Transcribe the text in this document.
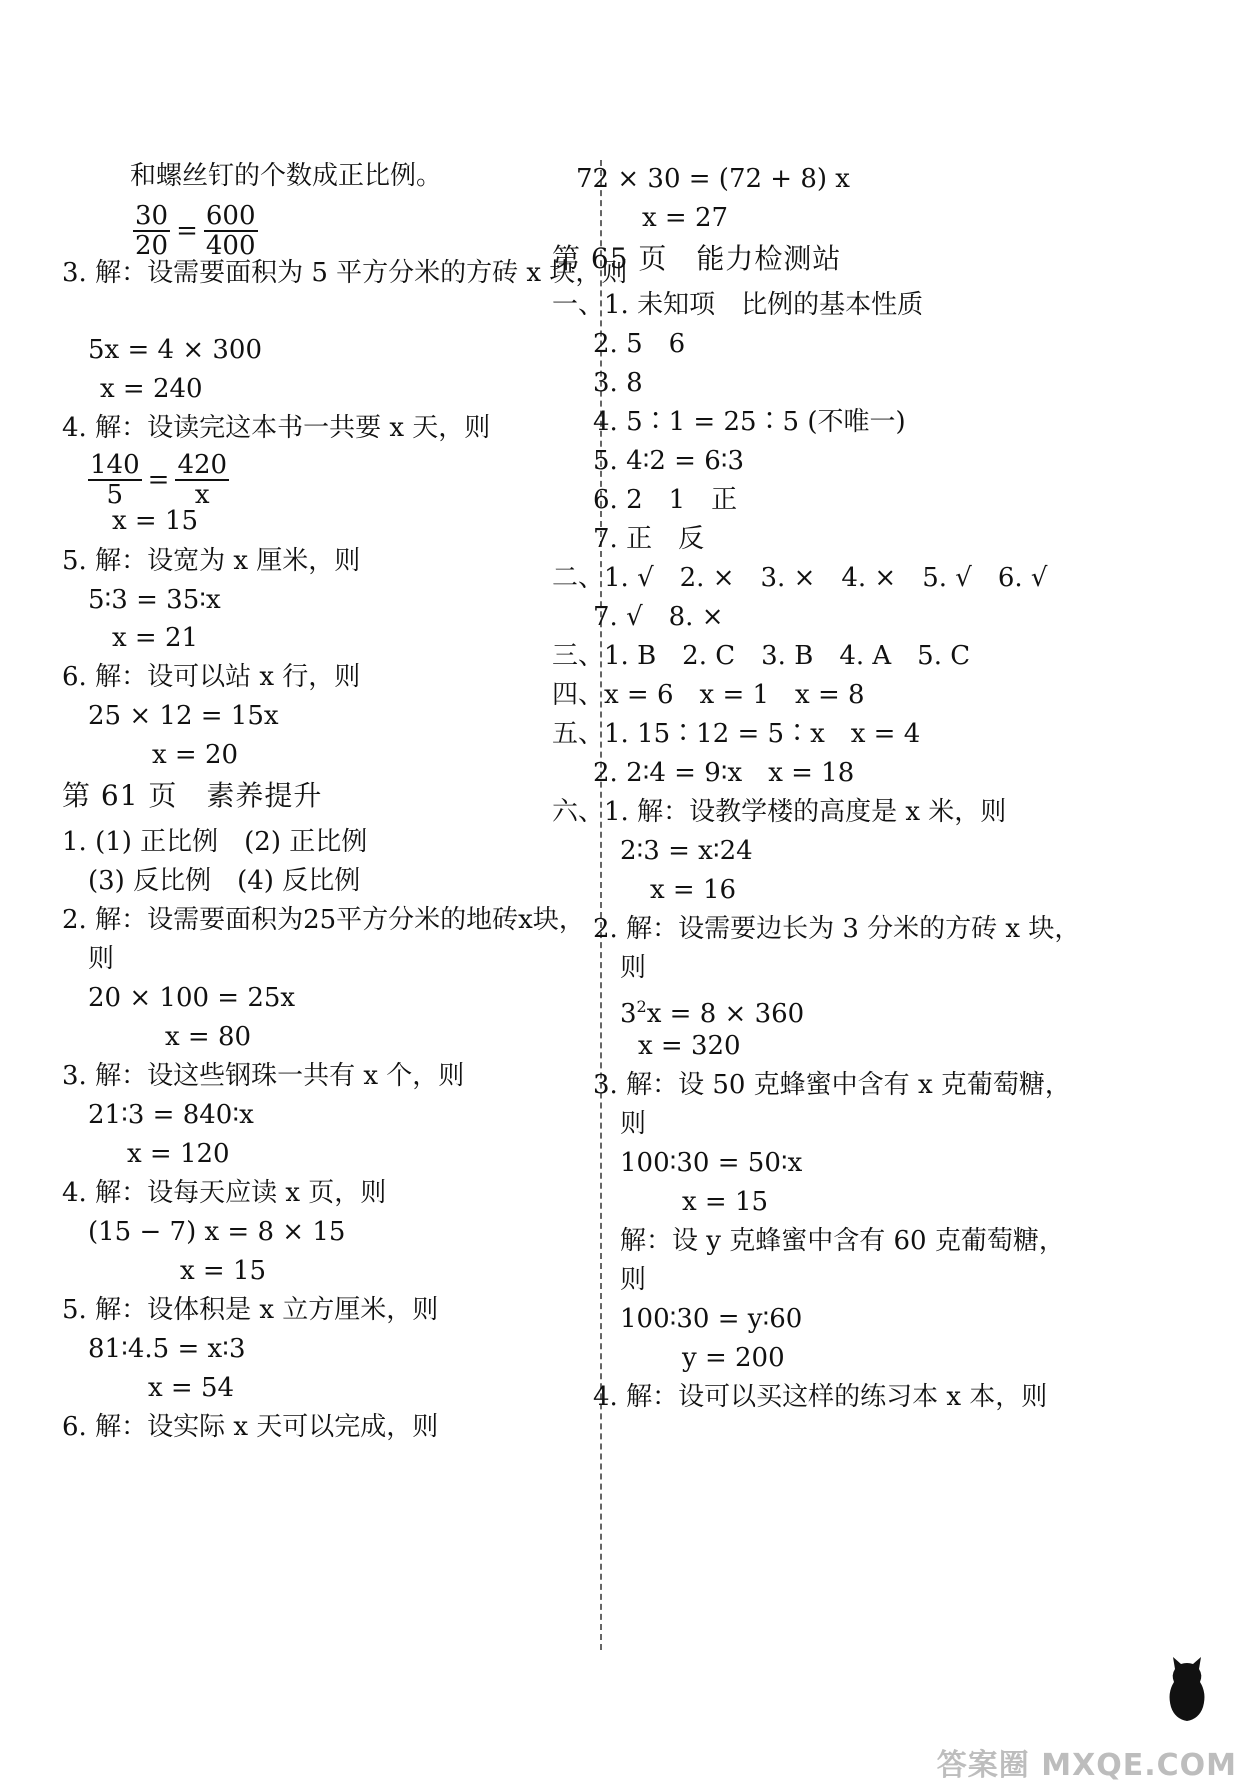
和螺丝钉的个数成正比例。
$\frac{30}{20} = \frac{600}{400}$
3. 解：设需要面积为 5 平方分米的方砖 x 块，则
5x = 4 × 300
x = 240
4. 解：设读完这本书一共要 x 天，则
$\frac{140}{5} = \frac{420}{x}$
x = 15
5. 解：设宽为 x 厘米，则
5∶3 = 35∶x
x = 21
6. 解：设可以站 x 行，则
25 × 12 = 15x
x = 20
第 61 页　素养提升
1. (1) 正比例　(2) 正比例
(3) 反比例　(4) 反比例
2. 解：设需要面积为25平方分米的地砖x块，
则
20 × 100 = 25x
x = 80
3. 解：设这些钢珠一共有 x 个，则
21∶3 = 840∶x
x = 120
4. 解：设每天应读 x 页，则
(15 − 7) x = 8 × 15
x = 15
5. 解：设体积是 x 立方厘米，则
81∶4.5 = x∶3
x = 54
6. 解：设实际 x 天可以完成，则
72 × 30 = (72 + 8) x
x = 27
第 65 页　能力检测站
一、1. 未知项　比例的基本性质
2. 5　6
3. 8
4. 5∶1 = 25∶5 (不唯一)
5. 4∶2 = 6∶3
6. 2　1　正
7. 正　反
二、1. √　2. ×　3. ×　4. ×　5. √　6. √
7. √　8. ×
三、1. B　2. C　3. B　4. A　5. C
四、x = 6　x = 1　x = 8
五、1. 15∶12 = 5∶x　x = 4
2. 2∶4 = 9∶x　x = 18
六、1. 解：设教学楼的高度是 x 米，则
2∶3 = x∶24
x = 16
2. 解：设需要边长为 3 分米的方砖 x 块，
则
$3^2x = 8 \times 360$
x = 320
3. 解：设 50 克蜂蜜中含有 x 克葡萄糖，
则
100∶30 = 50∶x
x = 15
解：设 y 克蜂蜜中含有 60 克葡萄糖，
则
100∶30 = y∶60
y = 200
4. 解：设可以买这样的练习本 x 本，则
答案圈 MXQE.COM
